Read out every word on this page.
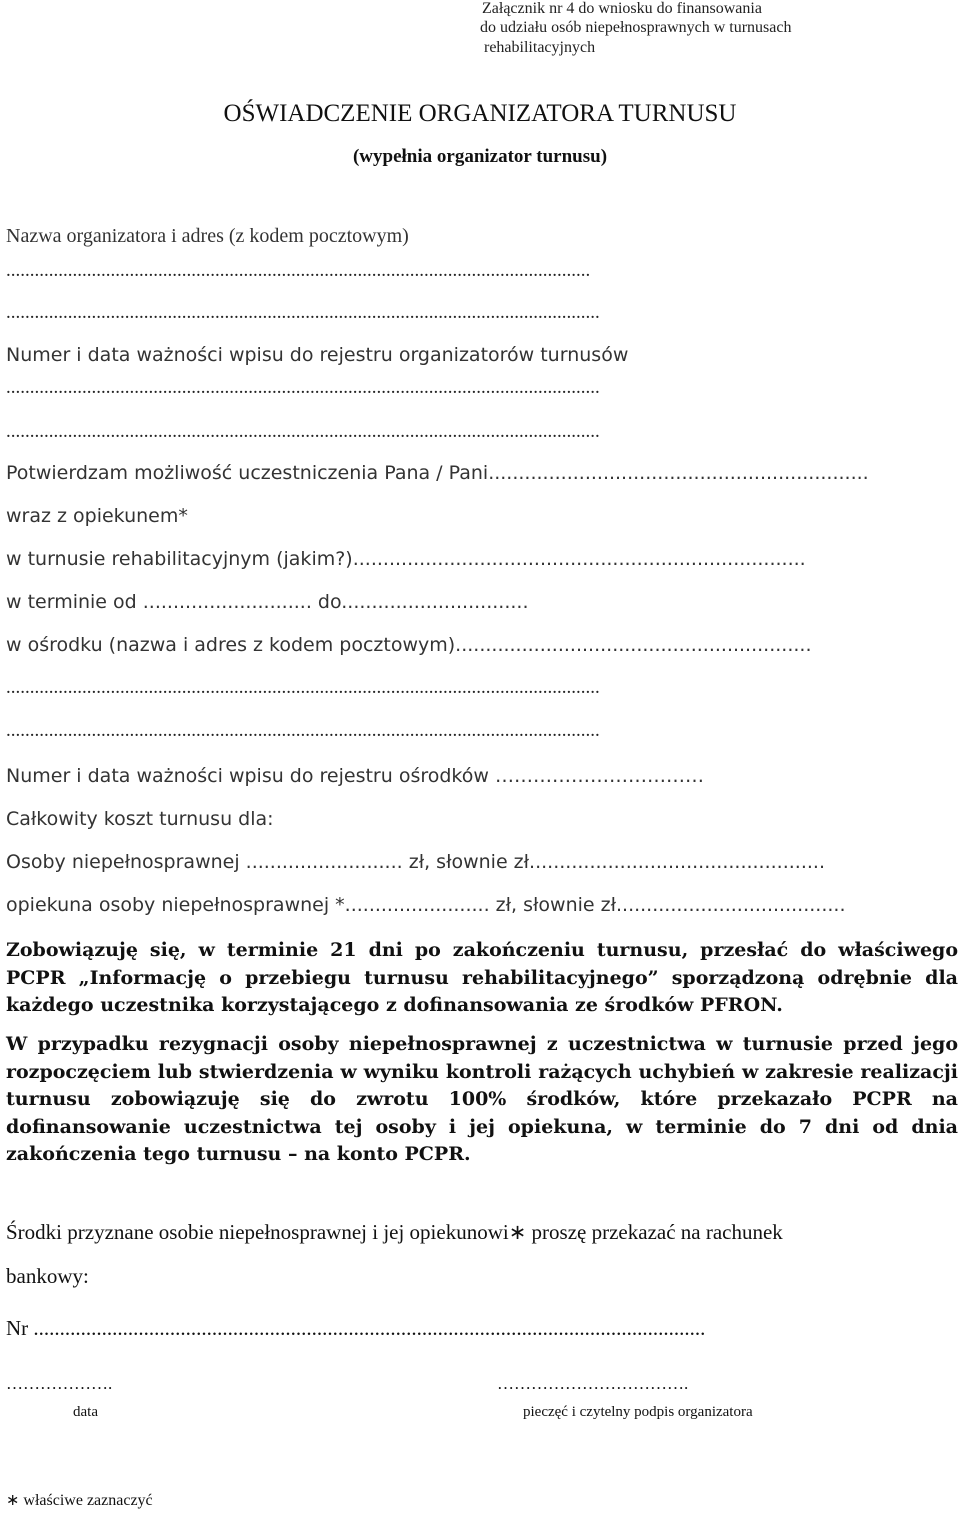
Załącznik nr 4 do wniosku do finansowania
do udziału osób niepełnosprawnych w turnusach
rehabilitacyjnych
OŚWIADCZENIE ORGANIZATORA TURNUSU
(wypełnia organizator turnusu)
Nazwa organizatora i adres (z kodem pocztowym)
...........................................................................................................................
.............................................................................................................................
Numer i data ważności wpisu do rejestru organizatorów turnusów
.............................................................................................................................
.............................................................................................................................
Potwierdzam możliwość uczestniczenia Pana / Pani...............................................................
wraz z opiekunem*
w turnusie rehabilitacyjnym (jakim?)...........................................................................
w terminie od ............................ do...............................
w ośrodku (nazwa i adres z kodem pocztowym)...........................................................
.............................................................................................................................
.............................................................................................................................
Numer i data ważności wpisu do rejestru ośrodków ……………………………
Całkowity koszt turnusu dla:
Osoby niepełnosprawnej .......................... zł, słownie zł.................................................
opiekuna osoby niepełnosprawnej *........................ zł, słownie zł......................................
Zobowiązuję się, w terminie 21 dni po zakończeniu turnusu, przesłać do właściwego PCPR „Informację o przebiegu turnusu rehabilitacyjnego” sporządzoną odrębnie dla każdego uczestnika korzystającego z dofinansowania ze środków PFRON.
W przypadku rezygnacji osoby niepełnosprawnej z uczestnictwa w turnusie przed jego rozpoczęciem lub stwierdzenia w wyniku kontroli rażących uchybień w zakresie realizacji turnusu zobowiązuję się do zwrotu 100% środków, które przekazało PCPR na dofinansowanie uczestnictwa tej osoby i jej opiekuna, w terminie do 7 dni od dnia zakończenia tego turnusu – na konto PCPR.
Środki przyznane osobie niepełnosprawnej i jej opiekunowi∗ proszę przekazać na rachunek
bankowy:
Nr ................................................................................................................................
……………….	…………………………….
data	pieczęć i czytelny podpis organizatora
∗ właściwe zaznaczyć
